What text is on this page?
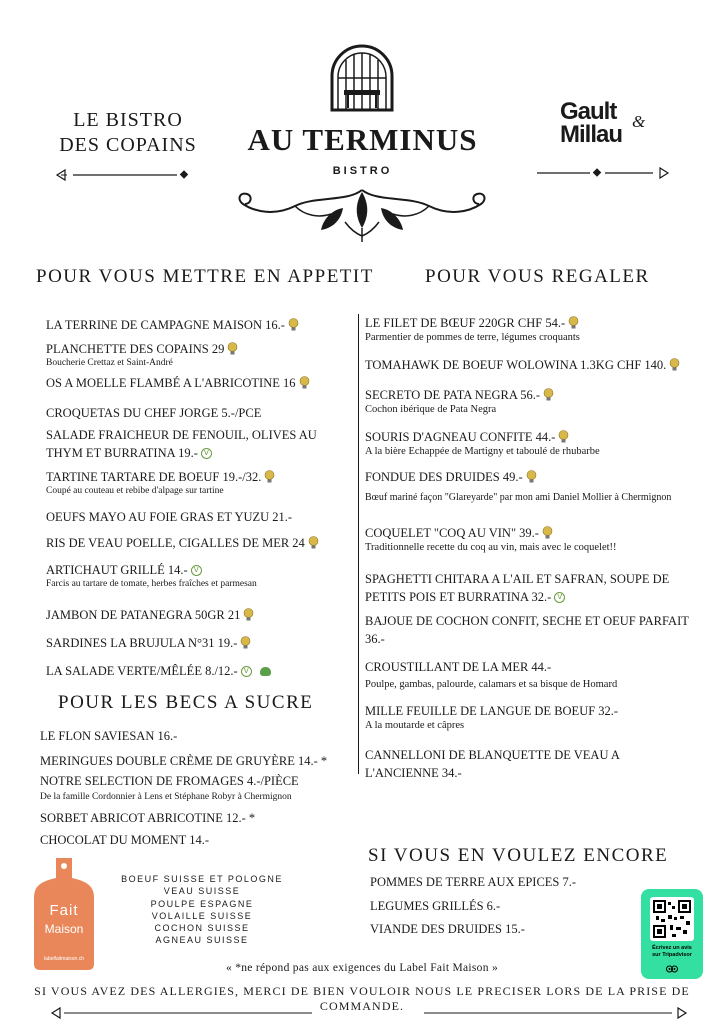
LE BISTRO
DES COPAINS	AU TERMINUS
BISTRO
Gault
Millau &
POUR VOUS METTRE EN APPETIT	POUR VOUS REGALER
LA TERRINE DE CAMPAGNE MAISON 16.-
PLANCHETTE DES COPAINS 29
Boucherie Crettaz et Saint-André
OS A MOELLE FLAMBÉ A L'ABRICOTINE 16
CROQUETAS DU CHEF JORGE 5.-/PCE
SALADE FRAICHEUR DE FENOUIL, OLIVES AU THYM ET BURRATINA 19.- V
TARTINE TARTARE DE BOEUF 19.-/32.
Coupé au couteau et rebibe d'alpage sur tartine
OEUFS MAYO AU FOIE GRAS ET YUZU 21.-
RIS DE VEAU POELLE, CIGALLES DE MER 24
ARTICHAUT GRILLÉ 14.- V
Farcis au tartare de tomate, herbes fraîches et parmesan
JAMBON DE PATANEGRA 50GR 21
SARDINES LA BRUJULA N°31 19.-
LA SALADE VERTE/MÊLÉE 8./12.- V
POUR LES BECS A SUCRE
LE FLON SAVIESAN 16.-
MERINGUES DOUBLE CRÈME DE GRUYÈRE 14.- *
NOTRE SELECTION DE FROMAGES 4.-/PIÈCE
De la famille Cordonnier à Lens et Stéphane Robyr à Chermignon
SORBET ABRICOT ABRICOTINE 12.- *
CHOCOLAT DU MOMENT 14.-
LE FILET DE BŒUF 220GR CHF 54.-
Parmentier de pommes de terre, légumes croquants
TOMAHAWK DE BOEUF WOLOWINA 1.3KG CHF 140.
SECRETO DE PATA NEGRA 56.-
Cochon ibérique de Pata Negra
SOURIS D'AGNEAU CONFITE 44.-
A la bière Echappée de Martigny et taboulé de rhubarbe
FONDUE DES DRUIDES 49.-
Bœuf mariné façon "Glareyarde" par mon ami Daniel Mollier à Chermignon
COQUELET "COQ AU VIN" 39.-
Traditionnelle recette du coq au vin, mais avec le coquelet!!
SPAGHETTI CHITARA A L'AIL ET SAFRAN, SOUPE DE PETITS POIS ET BURRATINA 32.- V
BAJOUE DE COCHON CONFIT, SECHE ET OEUF PARFAIT 36.-
CROUSTILLANT DE LA MER 44.-
Poulpe, gambas, palourde, calamars et sa bisque de Homard
MILLE FEUILLE DE LANGUE DE BOEUF 32.-
A la moutarde et câpres
CANNELLONI DE BLANQUETTE DE VEAU A L'ANCIENNE 34.-
SI VOUS EN VOULEZ ENCORE
POMMES DE TERRE AUX EPICES 7.-
LEGUMES GRILLÉS 6.-
VIANDE DES DRUIDES 15.-
Fait
Maison
labelfaitmaison.ch
BOEUF SUISSE ET POLOGNE
VEAU SUISSE
POULPE ESPAGNE
VOLAILLE SUISSE
COCHON SUISSE
AGNEAU SUISSE
Écrivez un avis
sur Tripadvisor
« *ne répond pas aux exigences du Label Fait Maison »
SI VOUS AVEZ DES ALLERGIES, MERCI DE BIEN VOULOIR NOUS LE PRECISER LORS DE LA PRISE DE
COMMANDE.
